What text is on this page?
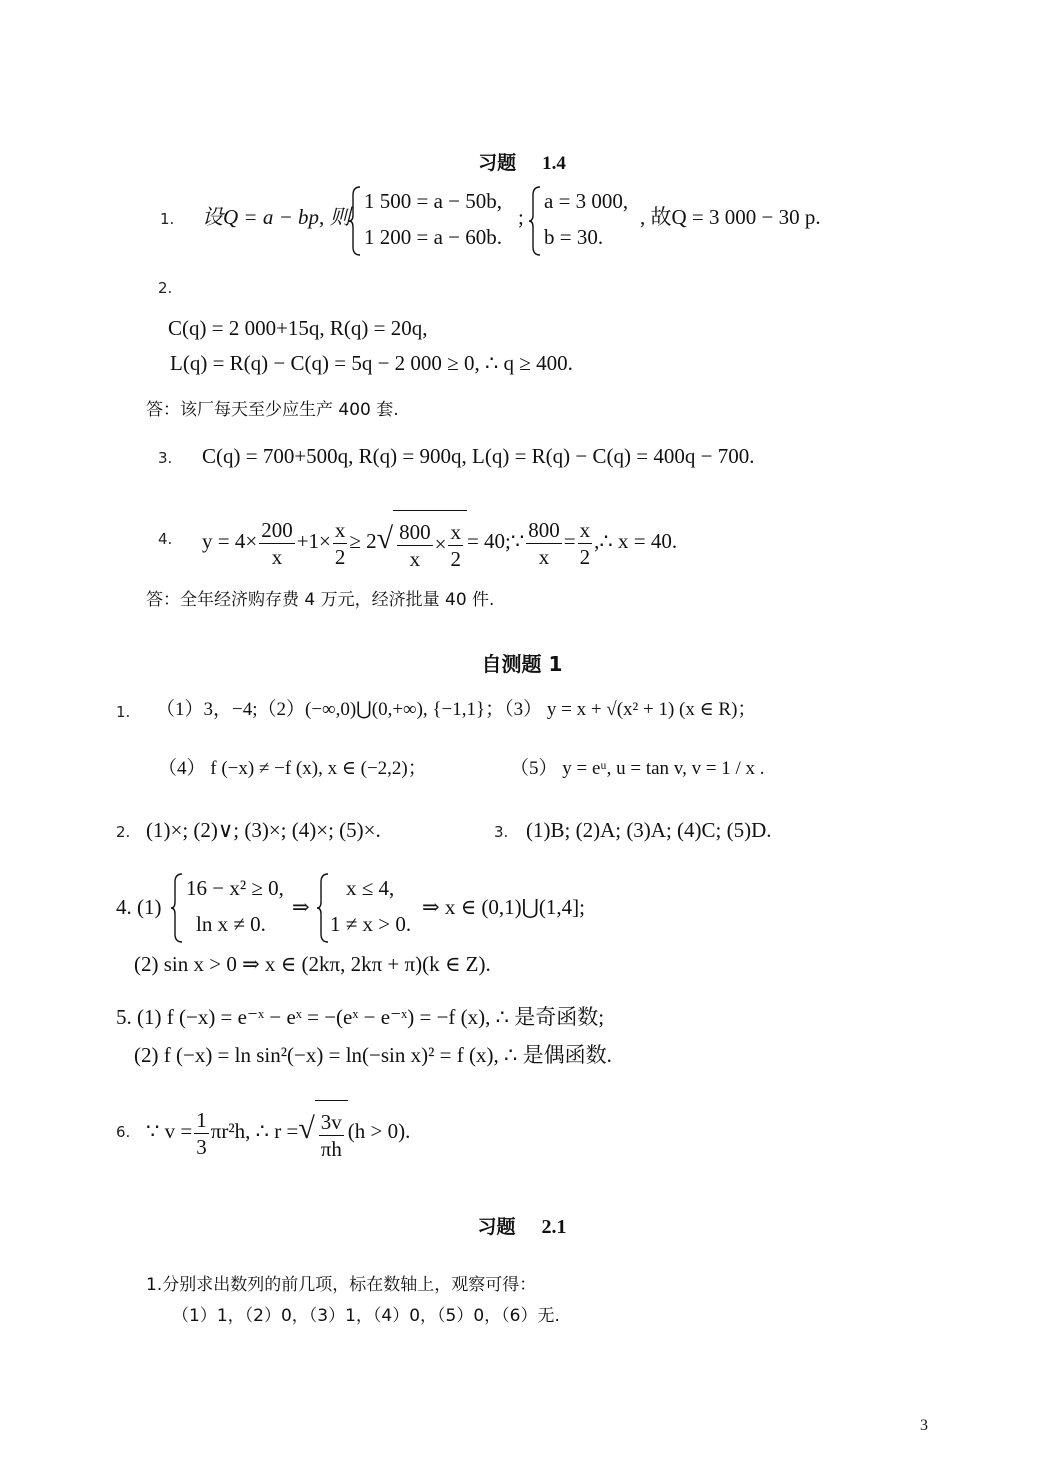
习题 1.4
1. 设Q = a − bp, 则
1 500 = a − 50b,
1 200 = a − 60b.
;
a = 3 000,
b = 30.
, 故Q = 3 000 − 30 p.
2.
C(q) = 2 000+15q, R(q) = 20q,
L(q) = R(q) − C(q) = 5q − 2 000 ≥ 0, ∴ q ≥ 400.
答：该厂每天至少应生产 400 套.
3. C(q) = 700+500q, R(q) = 900q, L(q) = R(q) − C(q) = 400q − 700.
4. $y = 4\times \frac{200}{x} +1\times \frac{x}{2} \ge 2√ \frac{800}{x} \times \frac{x}{2}$ = 40;∵ $\frac{800}{x} = \frac{x}{2}$ ,∴ x = 40.
答：全年经济购存费 4 万元，经济批量 40 件.
自测题 1
1. （1）3，−4;（2）(−∞,0)⋃(0,+∞), {−1,1}；（3） y = x + √(x² + 1) (x ∈ R)；
（4） f (−x) ≠ −f (x), x ∈ (−2,2)；	（5） y = eᵘ, u = tan v, v = 1 / x .
2. (1)×; (2)∨; (3)×; (4)×; (5)×.	3. (1)B; (2)A; (3)A; (4)C; (5)D.
4. (1)
16 − x² ≥ 0,
ln x ≠ 0.
⇒
x ≤ 4,
1 ≠ x > 0.
⇒ x ∈ (0,1)⋃(1,4];
(2) sin x > 0 ⇒ x ∈ (2kπ, 2kπ + π)(k ∈ Z).
5. (1) f (−x) = e⁻ˣ − eˣ = −(eˣ − e⁻ˣ) = −f (x), ∴ 是奇函数;
(2) f (−x) = ln sin²(−x) = ln(−sin x)² = f (x), ∴ 是偶函数.
6. ∵ $v = \frac{1}{3} \pi r^2h$, ∴ r =√ $\frac{3v}{\pi h} (h > 0)$.
习题 2.1
1.分别求出数列的前几项，标在数轴上，观察可得：
（1）1，（2）0，（3）1，（4）0，（5）0，（6）无.
3
